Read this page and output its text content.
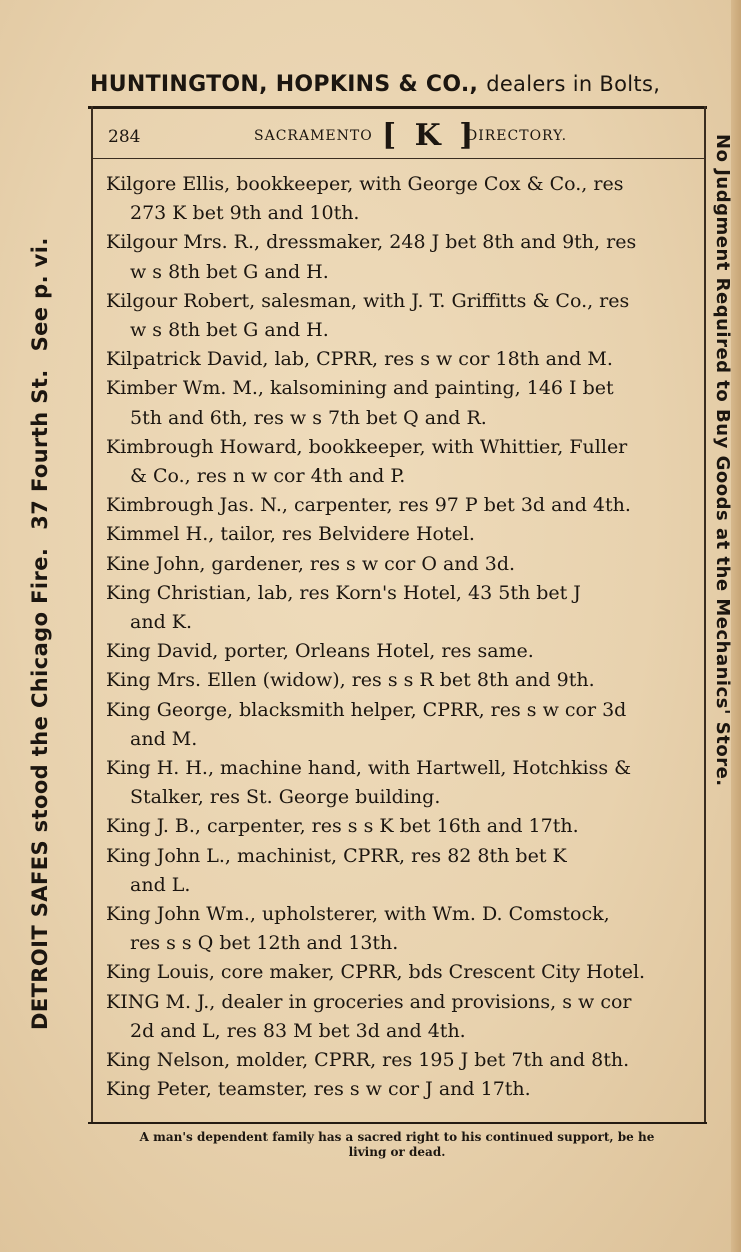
HUNTINGTON, HOPKINS & CO., dealers in Bolts,
284	SACRAMENTO [ K ]
DIRECTORY.
Kilgore Ellis, bookkeeper, with George Cox & Co., res
273 K bet 9th and 10th.
Kilgour Mrs. R., dressmaker, 248 J bet 8th and 9th, res
w s 8th bet G and H.
Kilgour Robert, salesman, with J. T. Griffitts & Co., res
w s 8th bet G and H.
Kilpatrick David, lab, CPRR, res s w cor 18th and M.
Kimber Wm. M., kalsomining and painting, 146 I bet
5th and 6th, res w s 7th bet Q and R.
Kimbrough Howard, bookkeeper, with Whittier, Fuller
& Co., res n w cor 4th and P.
Kimbrough Jas. N., carpenter, res 97 P bet 3d and 4th.
Kimmel H., tailor, res Belvidere Hotel.
Kine John, gardener, res s w cor O and 3d.
King Christian, lab, res Korn's Hotel, 43 5th bet J
and K.
King David, porter, Orleans Hotel, res same.
King Mrs. Ellen (widow), res s s R bet 8th and 9th.
King George, blacksmith helper, CPRR, res s w cor 3d
and M.
King H. H., machine hand, with Hartwell, Hotchkiss &
Stalker, res St. George building.
King J. B., carpenter, res s s K bet 16th and 17th.
King John L., machinist, CPRR, res 82 8th bet K
and L.
King John Wm., upholsterer, with Wm. D. Comstock,
res s s Q bet 12th and 13th.
King Louis, core maker, CPRR, bds Crescent City Hotel.
KING M. J., dealer in groceries and provisions, s w cor
2d and L, res 83 M bet 3d and 4th.
King Nelson, molder, CPRR, res 195 J bet 7th and 8th.
King Peter, teamster, res s w cor J and 17th.
DETROIT SAFES stood the Chicago Fire.37 Fourth St.See p. vi.	No Judgment Required to Buy Goods at the Mechanics' Store.
A man's dependent family has a sacred right to his continued support, be he
living or dead.
